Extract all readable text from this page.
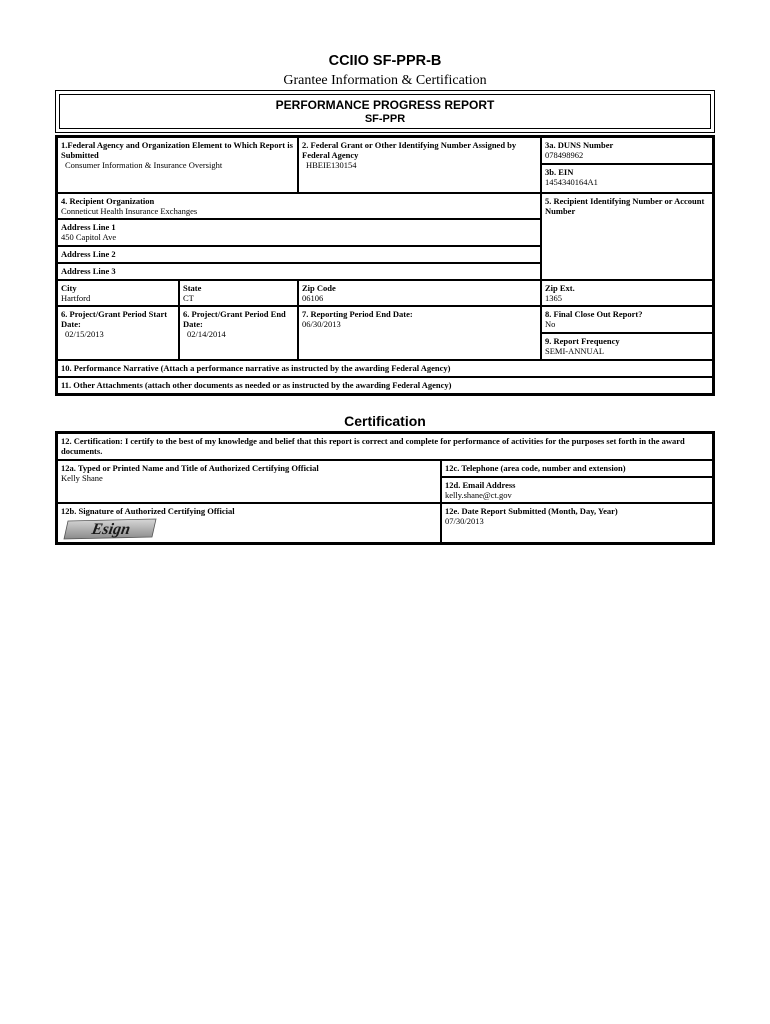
CCIIO SF-PPR-B
Grantee Information & Certification
PERFORMANCE PROGRESS REPORT
SF-PPR
1.Federal Agency and Organization Element to Which Report is Submitted
Consumer Information & Insurance Oversight
2. Federal Grant or Other Identifying Number Assigned by Federal Agency
HBEIE130154
3a. DUNS Number
078498962
3b. EIN
1454340164A1
4. Recipient Organization
Conneticut Health Insurance Exchanges
5. Recipient Identifying Number or Account Number
Address Line 1
450 Capitol Ave
Address Line 2
Address Line 3
City
Hartford
State
CT
Zip Code
06106
Zip Ext.
1365
6. Project/Grant Period Start Date:
02/15/2013
6. Project/Grant Period End Date:
02/14/2014
7. Reporting Period End Date:
06/30/2013
8. Final Close Out Report?
No
9. Report Frequency
SEMI-ANNUAL
10. Performance Narrative (Attach a performance narrative as instructed by the awarding Federal Agency)
11. Other Attachments (attach other documents as needed or as instructed by the awarding Federal Agency)
Certification
12. Certification: I certify to the best of my knowledge and belief that this report is correct and complete for performance of activities for the purposes set forth in the award documents.
12a. Typed or Printed Name and Title of Authorized Certifying Official
Kelly Shane
12c. Telephone (area code, number and extension)
12d. Email Address
kelly.shane@ct.gov
12b. Signature of Authorized Certifying Official
Esign
12e. Date Report Submitted (Month, Day, Year)
07/30/2013
